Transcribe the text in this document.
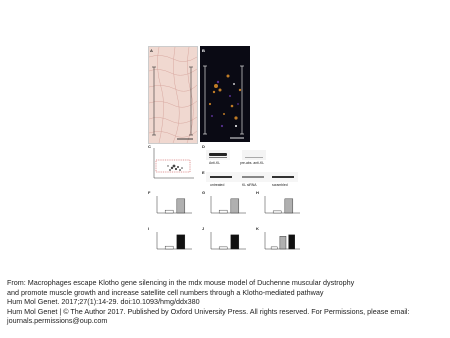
A	B
C	D
Anti-KL	pre-abs. anti-KL
E
untreated	KL siRNA	scrambled
F	G	H
I	J	K
From: Macrophages escape Klotho gene silencing in the mdx mouse model of Duchenne muscular dystrophy
and promote muscle growth and increase satellite cell numbers through a Klotho-mediated pathway
Hum Mol Genet. 2017;27(1):14-29. doi:10.1093/hmg/ddx380
Hum Mol Genet | © The Author 2017. Published by Oxford University Press. All rights reserved. For Permissions, please email:
journals.permissions@oup.com
